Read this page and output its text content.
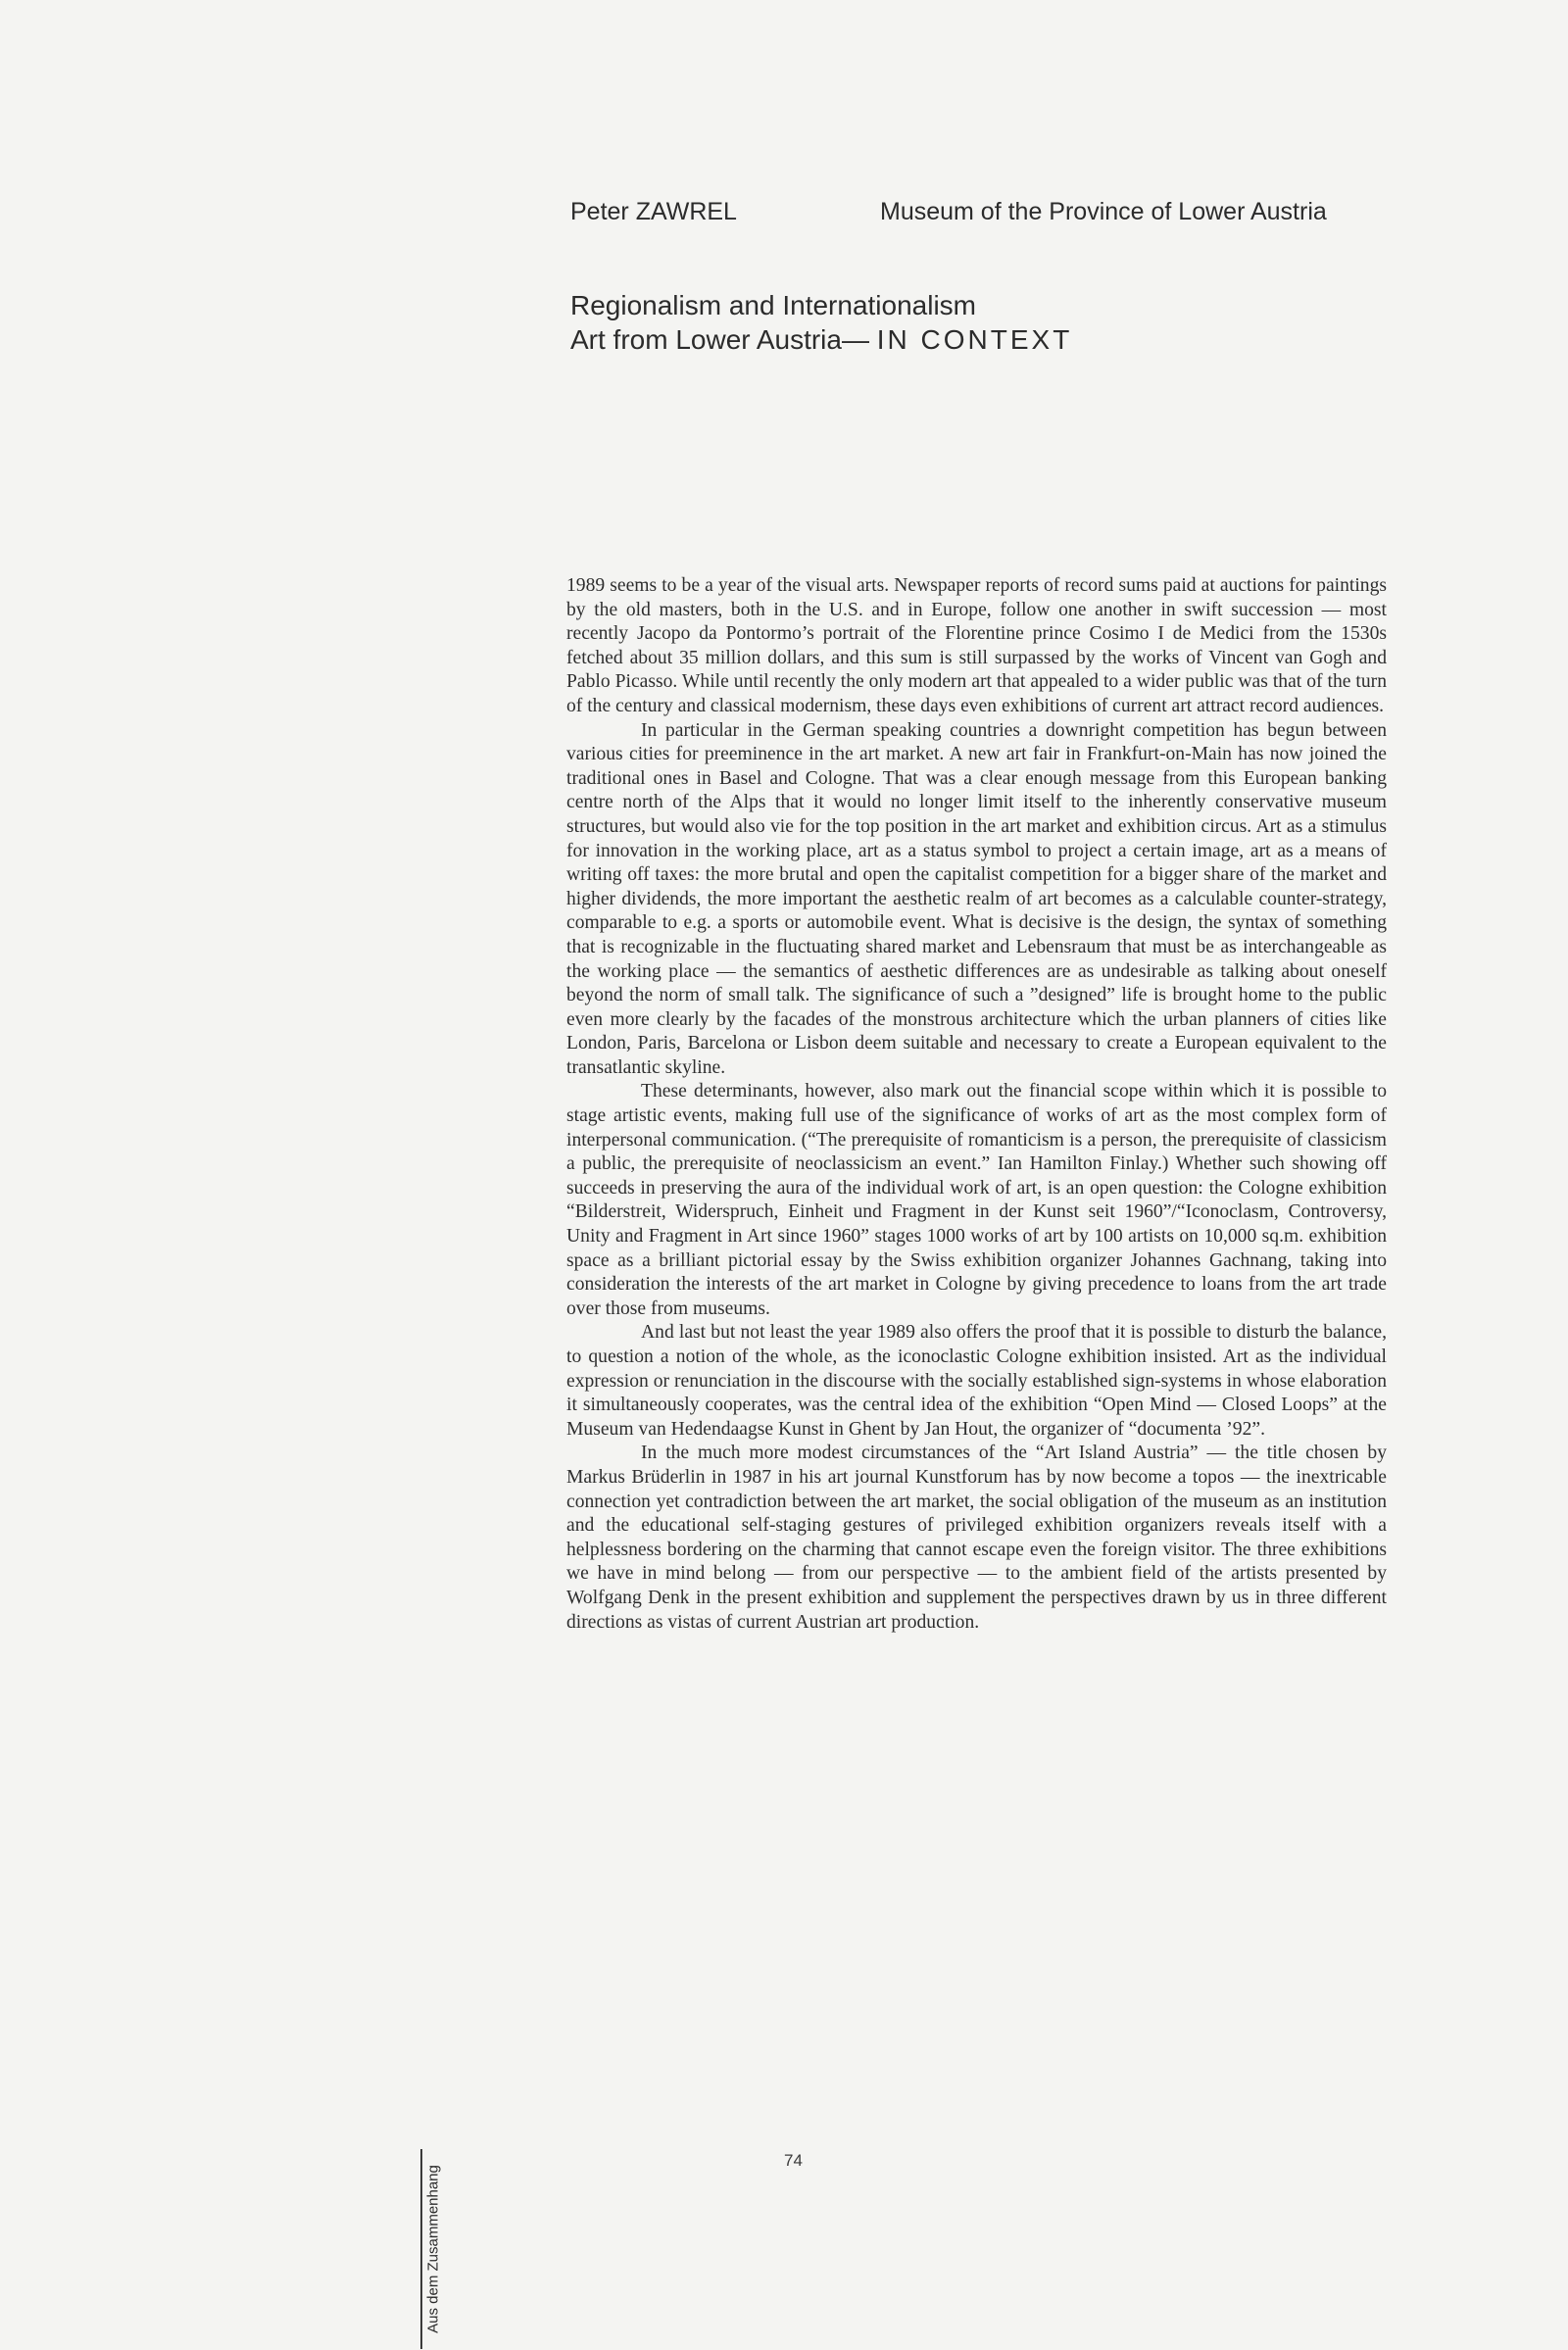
Peter ZAWREL	Museum of the Province of Lower Austria
Regionalism and Internationalism
Art from Lower Austria— IN CONTEXT

1989 seems to be a year of the visual arts. Newspaper reports of record sums paid at auctions for paintings by the old masters, both in the U.S. and in Europe, follow one another in swift succession — most recently Jacopo da Pontormo’s portrait of the Florentine prince Cosimo I de Medici from the 1530s fetched about 35 million dollars, and this sum is still surpassed by the works of Vincent van Gogh and Pablo Picasso. While until recently the only modern art that appealed to a wider public was that of the turn of the century and classical modernism, these days even exhibitions of current art attract record audiences.

In particular in the German speaking countries a downright competition has begun between various cities for preeminence in the art market. A new art fair in Frankfurt-on-Main has now joined the traditional ones in Basel and Cologne. That was a clear enough message from this European banking centre north of the Alps that it would no longer limit itself to the inherently conservative museum structures, but would also vie for the top position in the art market and exhibition circus. Art as a stimulus for innovation in the working place, art as a status symbol to project a certain image, art as a means of writing off taxes: the more brutal and open the capitalist competition for a bigger share of the market and higher dividends, the more important the aesthetic realm of art becomes as a calculable counter-strategy, comparable to e.g. a sports or automobile event. What is decisive is the design, the syntax of something that is recognizable in the fluctuating shared market and Lebensraum that must be as interchangeable as the working place — the semantics of aesthetic differences are as undesirable as talking about oneself beyond the norm of small talk. The significance of such a ”designed” life is brought home to the public even more clearly by the facades of the monstrous architecture which the urban planners of cities like London, Paris, Barcelona or Lisbon deem suitable and necessary to create a European equivalent to the transatlantic skyline.

These determinants, however, also mark out the financial scope within which it is possible to stage artistic events, making full use of the significance of works of art as the most complex form of interpersonal communication. (“The prerequisite of romanticism is a person, the prerequisite of classicism a public, the prerequisite of neoclassicism an event.” Ian Hamilton Finlay.) Whether such showing off succeeds in preserving the aura of the individual work of art, is an open question: the Cologne exhibition “Bilderstreit, Widerspruch, Einheit und Fragment in der Kunst seit 1960”/“Iconoclasm, Controversy, Unity and Fragment in Art since 1960” stages 1000 works of art by 100 artists on 10,000 sq.m. exhibition space as a brilliant pictorial essay by the Swiss exhibition organizer Johannes Gachnang, taking into consideration the interests of the art market in Cologne by giving precedence to loans from the art trade over those from museums.

And last but not least the year 1989 also offers the proof that it is possible to disturb the balance, to question a notion of the whole, as the iconoclastic Cologne exhibition insisted. Art as the individual expression or renunciation in the discourse with the socially established sign-systems in whose elaboration it simultaneously cooperates, was the central idea of the exhibition “Open Mind — Closed Loops” at the Museum van Hedendaagse Kunst in Ghent by Jan Hout, the organizer of “documenta ’92”.

In the much more modest circumstances of the “Art Island Austria” — the title chosen by Markus Brüderlin in 1987 in his art journal Kunstforum has by now become a topos — the inextricable connection yet contradiction between the art market, the social obligation of the museum as an institution and the educational self-staging gestures of privileged exhibition organizers reveals itself with a helplessness bordering on the charming that cannot escape even the foreign visitor. The three exhibitions we have in mind belong — from our perspective — to the ambient field of the artists presented by Wolfgang Denk in the present exhibition and supplement the perspectives drawn by us in three different directions as vistas of current Austrian art production.

74
Aus dem Zusammenhang
